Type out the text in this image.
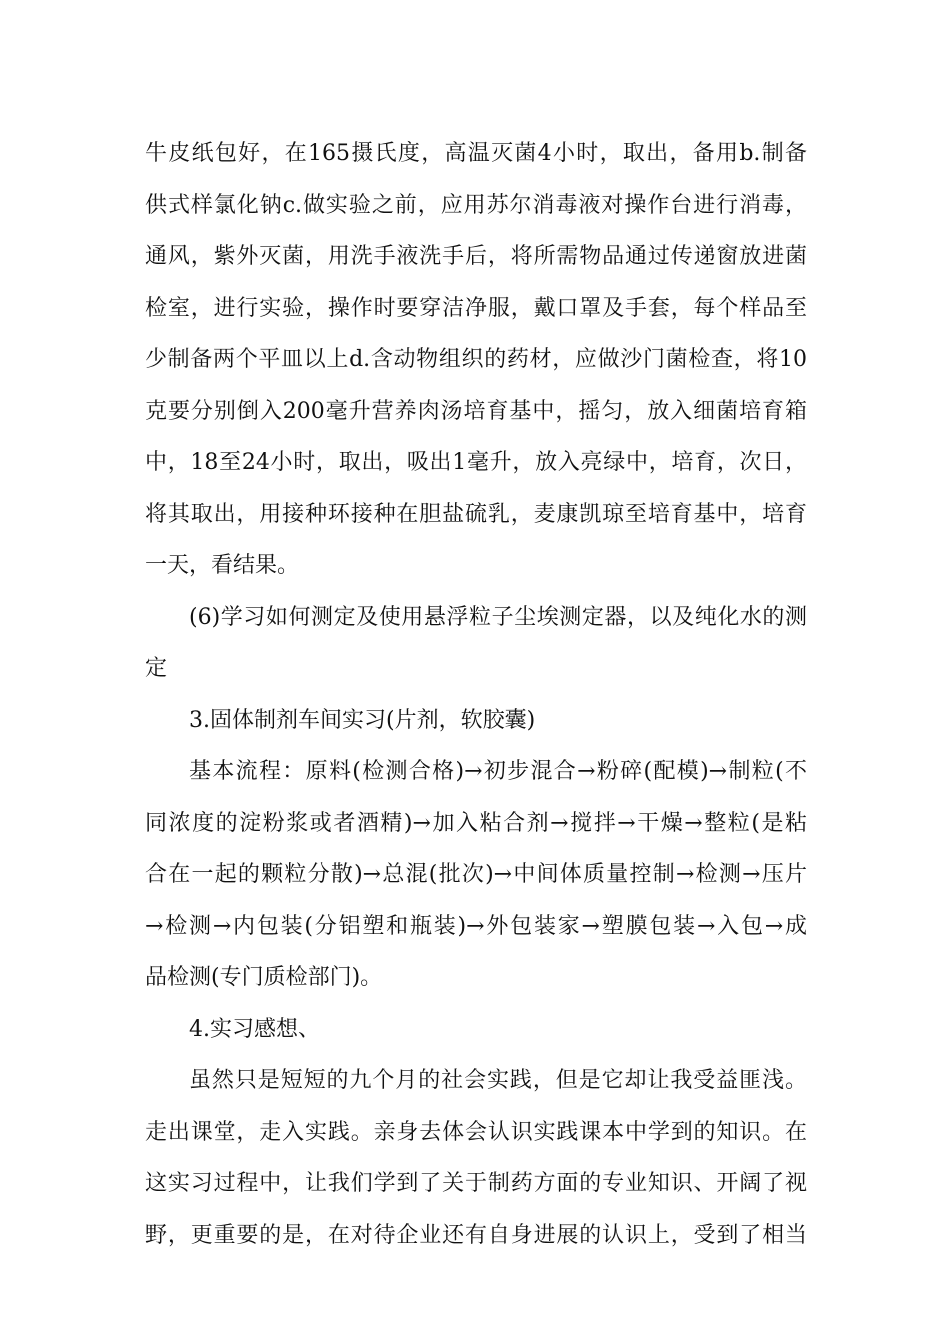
牛皮纸包好，在165摄氏度，高温灭菌4小时，取出，备用b.制备
供式样氯化钠c.做实验之前，应用苏尔消毒液对操作台进行消毒，
通风，紫外灭菌，用洗手液洗手后，将所需物品通过传递窗放进菌
检室，进行实验，操作时要穿洁净服，戴口罩及手套，每个样品至
少制备两个平皿以上d.含动物组织的药材，应做沙门菌检查，将10
克要分别倒入200毫升营养肉汤培育基中，摇匀，放入细菌培育箱
中，18至24小时，取出，吸出1毫升，放入亮绿中，培育，次日，
将其取出，用接种环接种在胆盐硫乳，麦康凯琼至培育基中，培育
一天，看结果。
(6)学习如何测定及使用悬浮粒子尘埃测定器，以及纯化水的测
定
3.固体制剂车间实习(片剂，软胶囊)
基本流程：原料(检测合格)→初步混合→粉碎(配模)→制粒(不
同浓度的淀粉浆或者酒精)→加入粘合剂→搅拌→干燥→整粒(是粘
合在一起的颗粒分散)→总混(批次)→中间体质量控制→检测→压片
→检测→内包装(分铝塑和瓶装)→外包装家→塑膜包装→入包→成
品检测(专门质检部门)。
4.实习感想、
虽然只是短短的九个月的社会实践，但是它却让我受益匪浅。
走出课堂，走入实践。亲身去体会认识实践课本中学到的知识。在
这实习过程中，让我们学到了关于制药方面的专业知识、开阔了视
野，更重要的是，在对待企业还有自身进展的认识上，受到了相当
